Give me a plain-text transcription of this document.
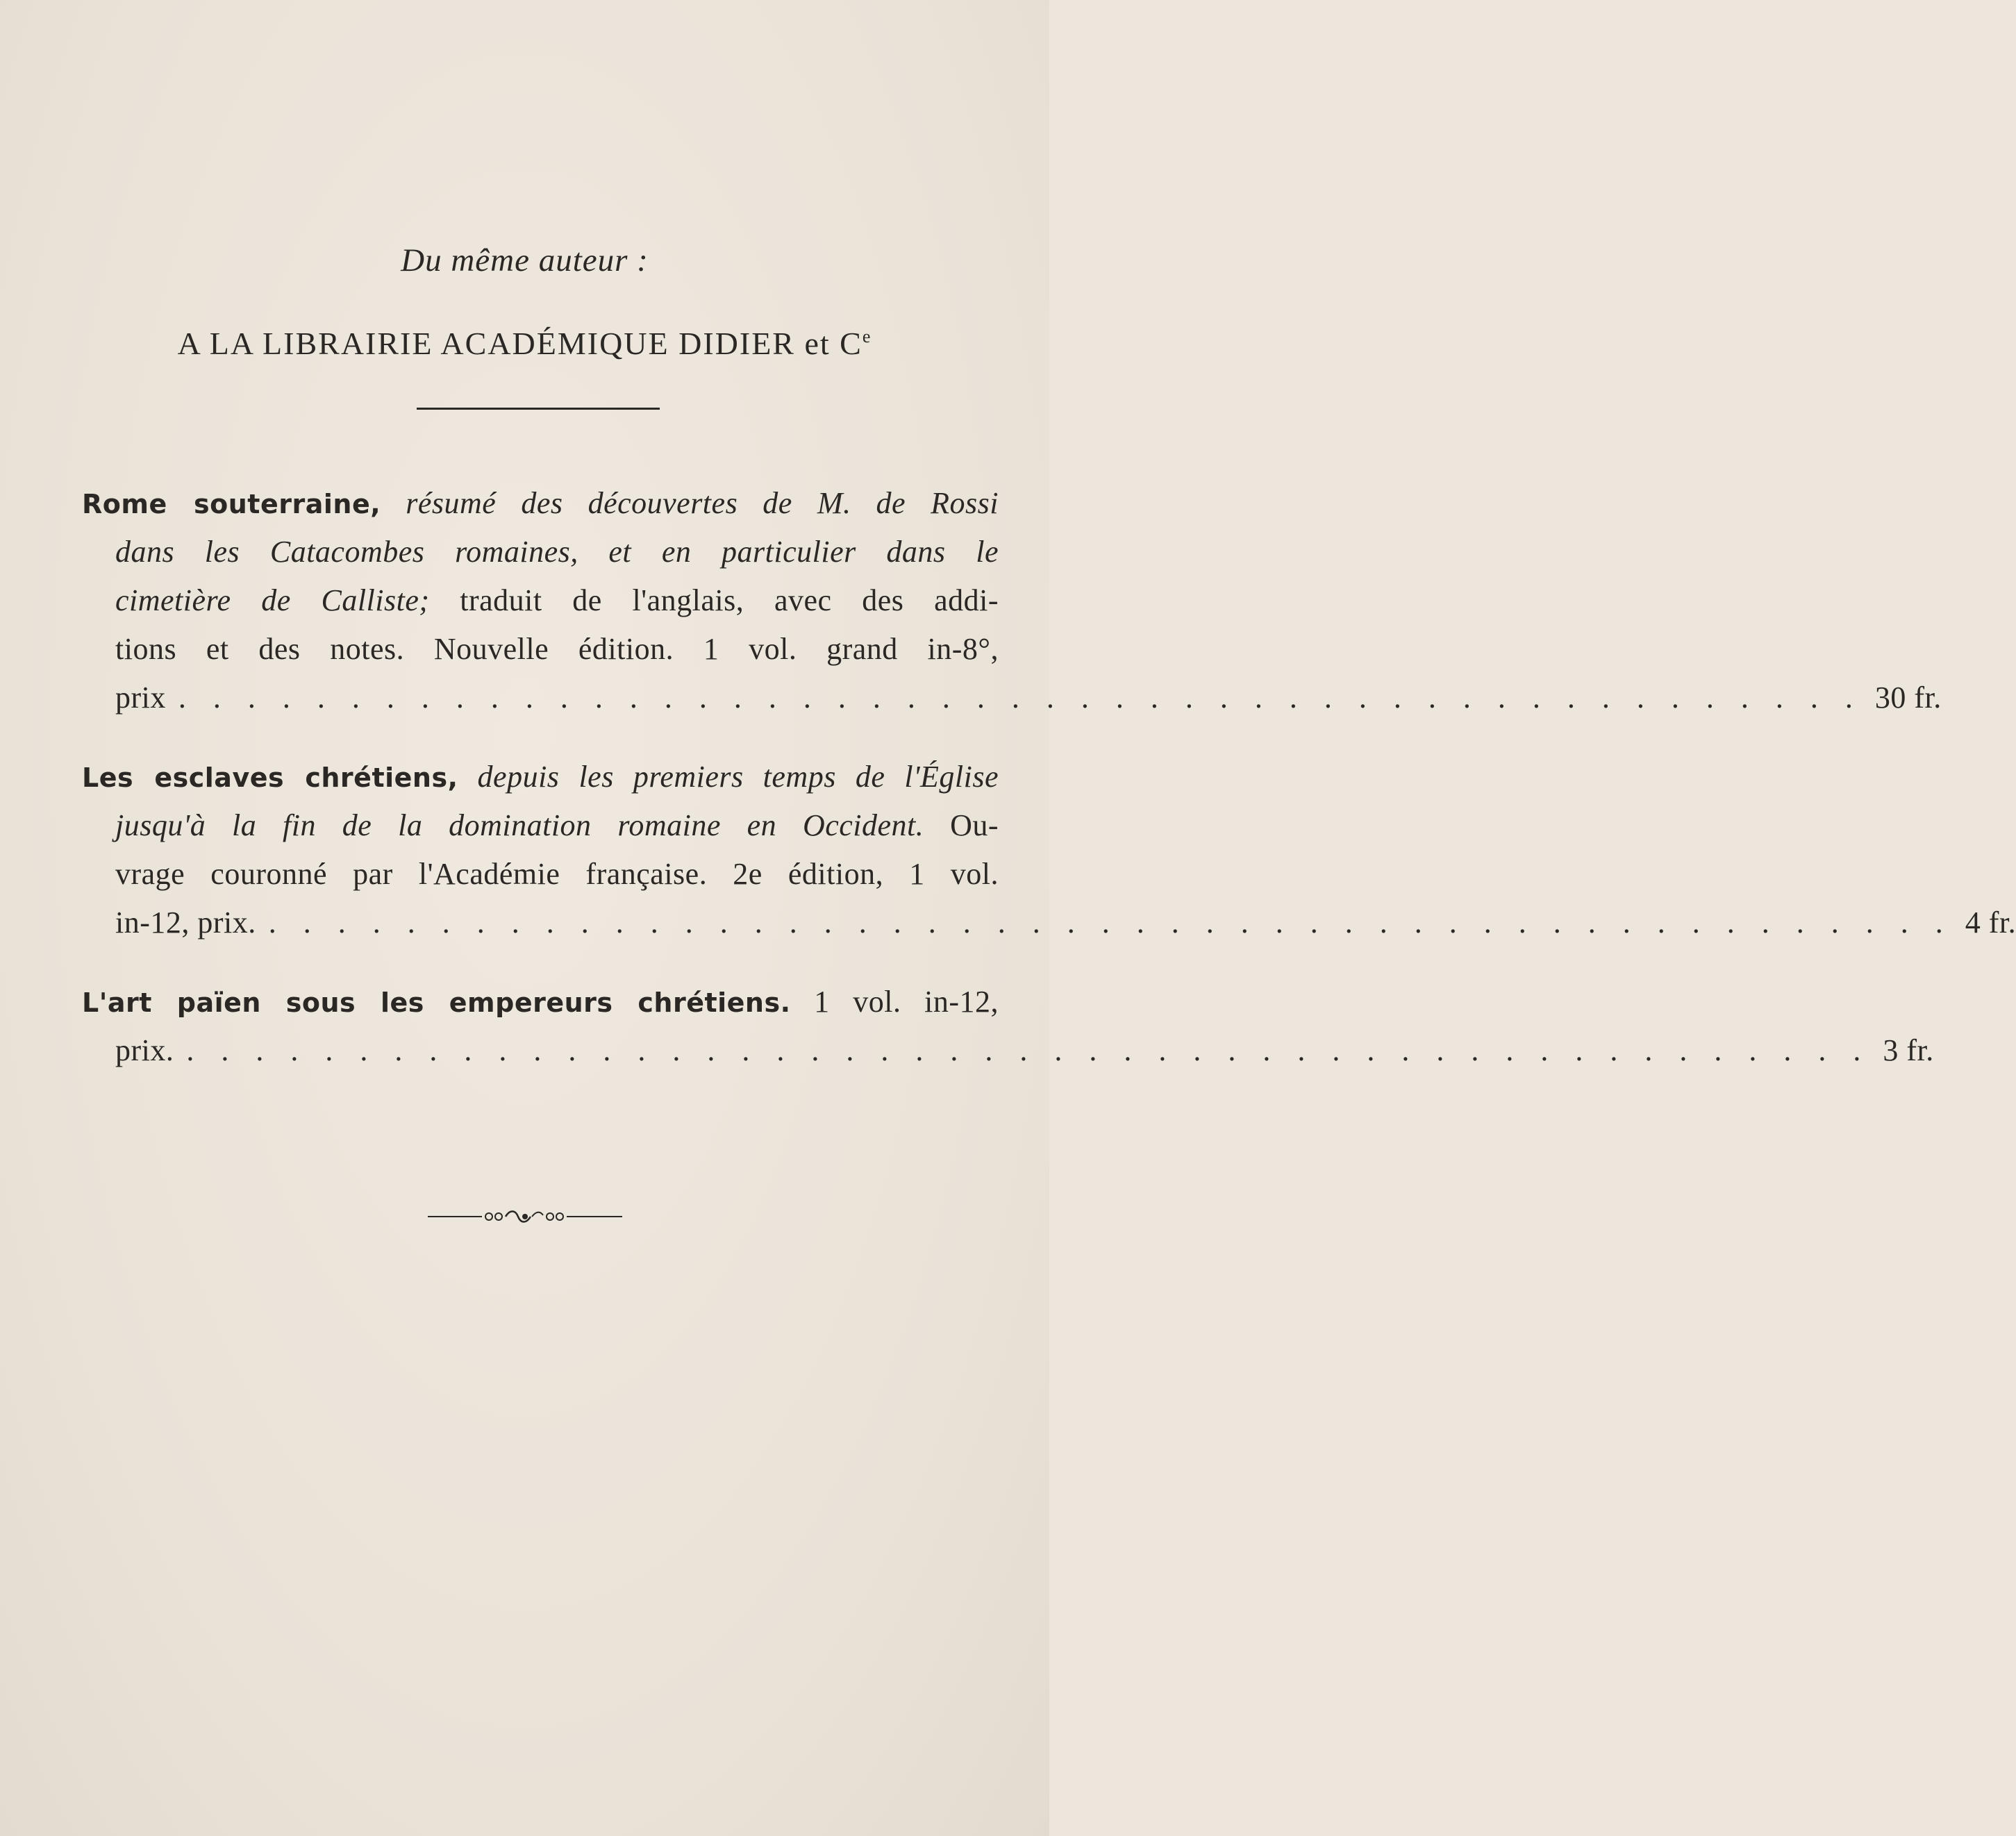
Du même auteur :
A LA LIBRAIRIE ACADÉMIQUE DIDIER et Ce
Rome souterraine, résumé des découvertes de M. de Rossi
dans les Catacombes romaines, et en particulier dans le
cimetière de Calliste; traduit de l'anglais, avec des addi-
tions et des notes. Nouvelle édition. 1 vol. grand in-8°,
prix . . . . . . . . . . . . . . . . . . . . . . . . . . . . . . . . . . . . . . . . . . . . . . . . . 30 fr.
Les esclaves chrétiens, depuis les premiers temps de l'Église
jusqu'à la fin de la domination romaine en Occident. Ou-
vrage couronné par l'Académie française. 2e édition, 1 vol.
in-12, prix. . . . . . . . . . . . . . . . . . . . . . . . . . . . . . . . . . . . . . . . . . . . . . . . . . 4 fr.
L'art païen sous les empereurs chrétiens. 1 vol. in-12,
prix. . . . . . . . . . . . . . . . . . . . . . . . . . . . . . . . . . . . . . . . . . . . . . . . . . 3 fr.
